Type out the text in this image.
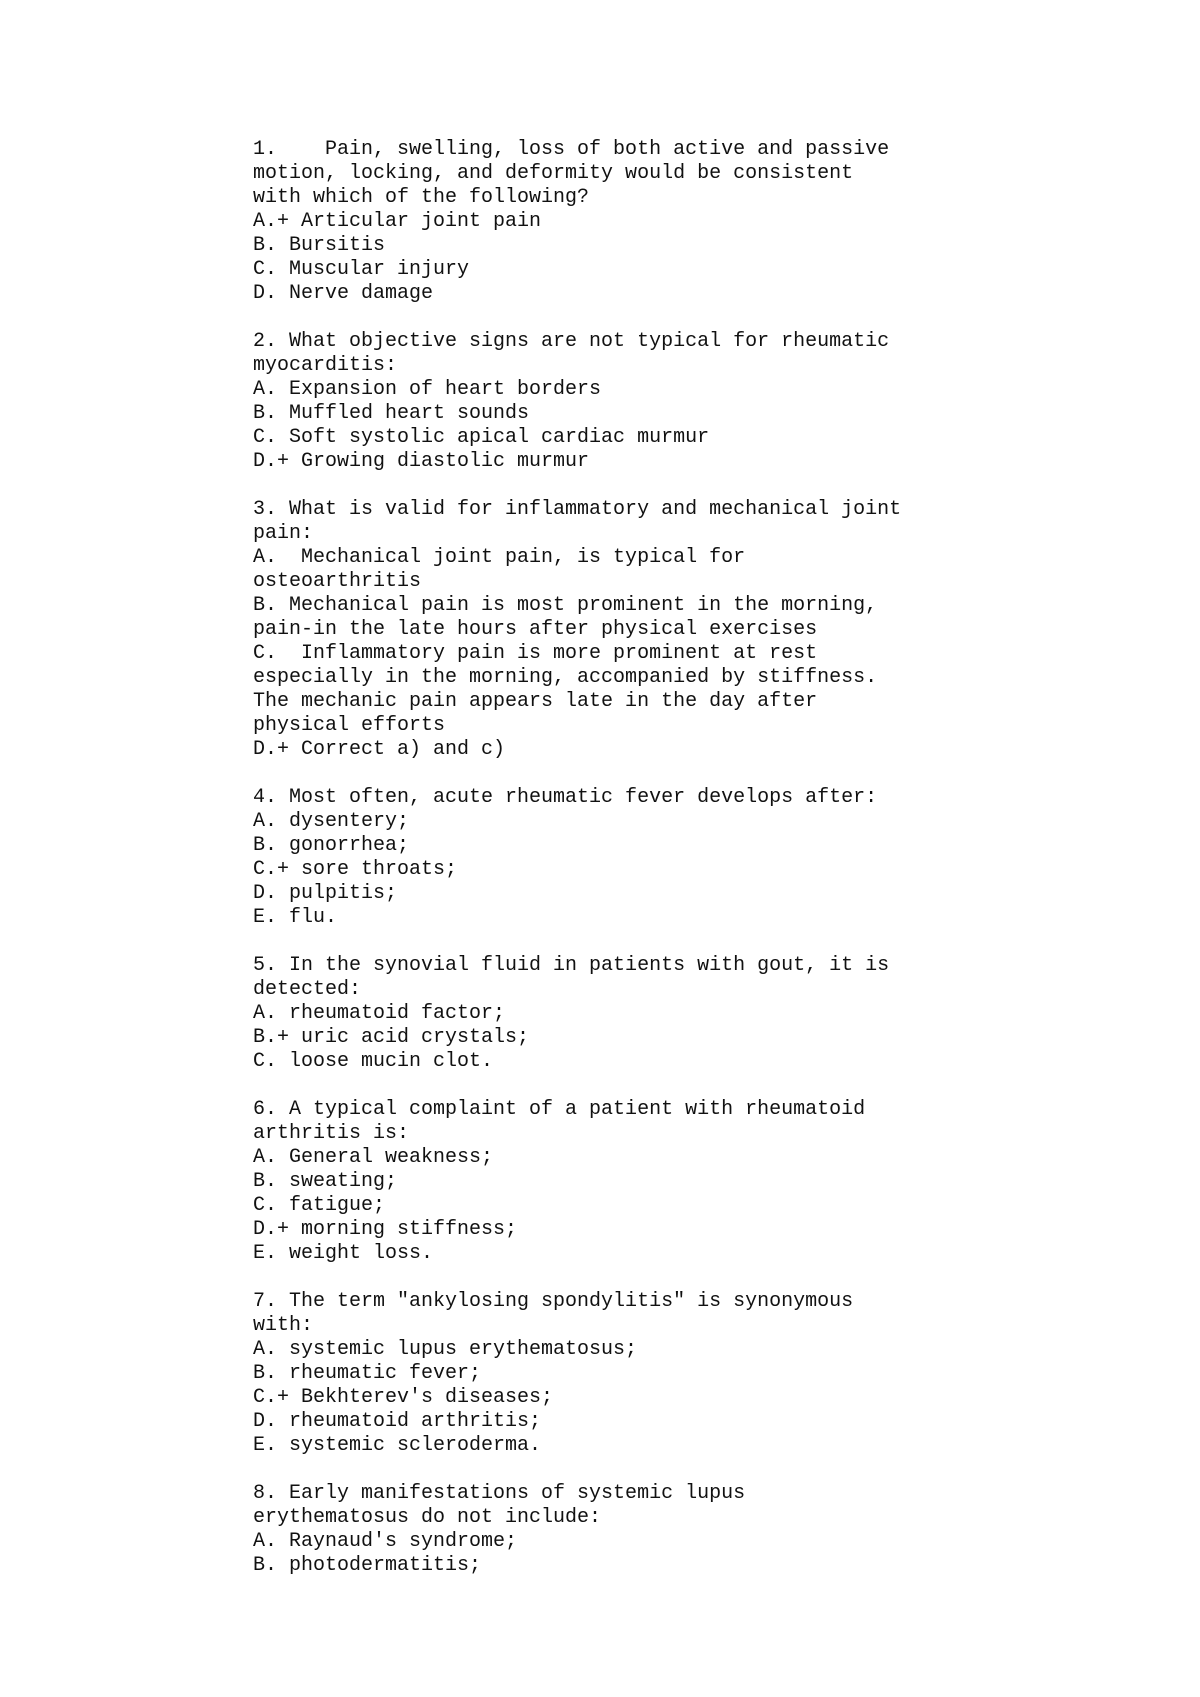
1.    Pain, swelling, loss of both active and passive
motion, locking, and deformity would be consistent
with which of the following?
A.+ Articular joint pain
B. Bursitis
C. Muscular injury
D. Nerve damage
2. What objective signs are not typical for rheumatic
myocarditis:
A. Expansion of heart borders
B. Muffled heart sounds
C. Soft systolic apical cardiac murmur
D.+ Growing diastolic murmur
3. What is valid for inflammatory and mechanical joint
pain:
A.  Mechanical joint pain, is typical for
osteoarthritis
B. Mechanical pain is most prominent in the morning,
pain-in the late hours after physical exercises
C.  Inflammatory pain is more prominent at rest
especially in the morning, accompanied by stiffness.
The mechanic pain appears late in the day after
physical efforts
D.+ Correct a) and c)
4. Most often, acute rheumatic fever develops after:
A. dysentery;
B. gonorrhea;
C.+ sore throats;
D. pulpitis;
E. flu.
5. In the synovial fluid in patients with gout, it is
detected:
A. rheumatoid factor;
B.+ uric acid crystals;
C. loose mucin clot.
6. A typical complaint of a patient with rheumatoid
arthritis is:
A. General weakness;
B. sweating;
C. fatigue;
D.+ morning stiffness;
E. weight loss.
7. The term "ankylosing spondylitis" is synonymous
with:
A. systemic lupus erythematosus;
B. rheumatic fever;
C.+ Bekhterev's diseases;
D. rheumatoid arthritis;
E. systemic scleroderma.
8. Early manifestations of systemic lupus
erythematosus do not include:
A. Raynaud's syndrome;
B. photodermatitis;
